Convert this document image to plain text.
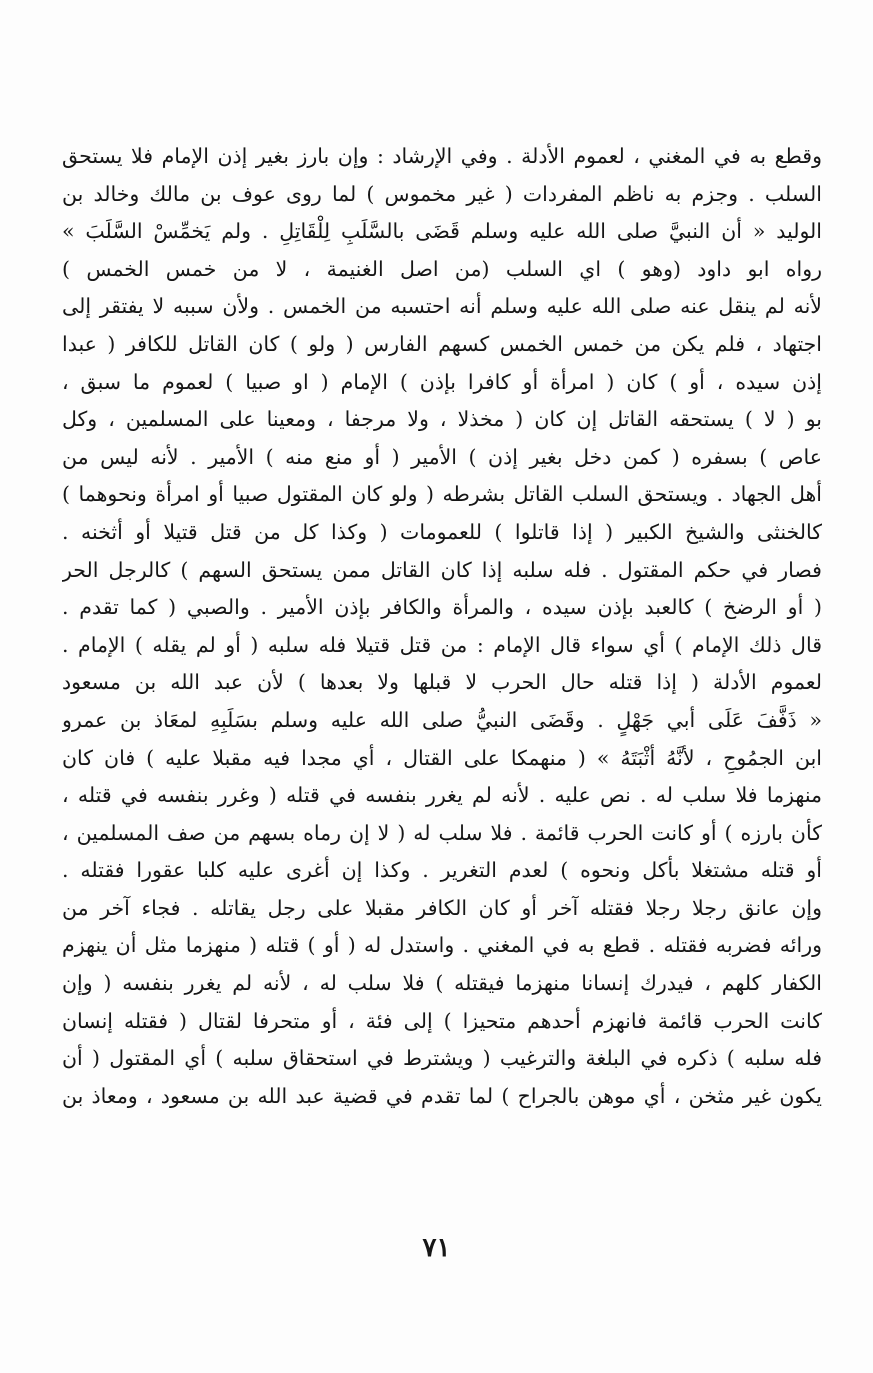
وقطع به في المغني ، لعموم الأدلة . وفي الإرشاد : وإن بارز بغير إذن الإمام فلا يستحق
السلب . وجزم به ناظم المفردات ( غير مخموس ) لما روى عوف بن مالك وخالد بن
الوليد « أن النبيَّ صلى الله عليه وسلم قَضَى بالسَّلَبِ لِلْقَاتِلِ . ولم يَخمِّسْ السَّلَبَ »
رواه ابو داود (وهو ) اي السلب (من اصل الغنيمة ، لا من خمس الخمس )
لأنه لم ينقل عنه صلى الله عليه وسلم أنه احتسبه من الخمس . ولأن سببه لا يفتقر إلى
اجتهاد ، فلم يكن من خمس الخمس كسهم الفارس ( ولو ) كان القاتل للكافر ( عبدا
إذن سيده ، أو ) كان ( امرأة أو كافرا بإذن ) الإمام ( او صبيا ) لعموم ما سبق ،
بو ( لا ) يستحقه القاتل إن كان ( مخذلا ، ولا مرجفا ، ومعينا على المسلمين ، وكل
عاص ) بسفره ( كمن دخل بغير إذن ) الأمير ( أو منع منه ) الأمير . لأنه ليس من
أهل الجهاد . ويستحق السلب القاتل بشرطه ( ولو كان المقتول صبيا أو امرأة ونحوهما )
كالخنثى والشيخ الكبير ( إذا قاتلوا ) للعمومات ( وكذا كل من قتل قتيلا أو أثخنه .
فصار في حكم المقتول . فله سلبه إذا كان القاتل ممن يستحق السهم ) كالرجل الحر
( أو الرضخ ) كالعبد بإذن سيده ، والمرأة والكافر بإذن الأمير . والصبي ( كما تقدم .
قال ذلك الإمام ) أي سواء قال الإمام : من قتل قتيلا فله سلبه ( أو لم يقله ) الإمام .
لعموم الأدلة ( إذا قتله حال الحرب لا قبلها ولا بعدها ) لأن عبد الله بن مسعود
« ذَفَّفَ عَلَى أبي جَهْلٍ . وقَضَى النبيُّ صلى الله عليه وسلم بسَلَبِهِ لمعَاذ بن عمرو
ابن الجمُوحِ ، لأنَّهُ أثْبَتَهُ » ( منهمكا على القتال ، أي مجدا فيه مقبلا عليه ) فان كان
منهزما فلا سلب له . نص عليه . لأنه لم يغرر بنفسه في قتله ( وغرر بنفسه في قتله ،
كأن بارزه ) أو كانت الحرب قائمة . فلا سلب له ( لا إن رماه بسهم من صف المسلمين ،
أو قتله مشتغلا بأكل ونحوه ) لعدم التغرير . وكذا إن أغرى عليه كلبا عقورا فقتله .
وإن عانق رجلا رجلا فقتله آخر أو كان الكافر مقبلا على رجل يقاتله . فجاء آخر من
ورائه فضربه فقتله . قطع به في المغني . واستدل له ( أو ) قتله ( منهزما مثل أن ينهزم
الكفار كلهم ، فيدرك إنسانا منهزما فيقتله ) فلا سلب له ، لأنه لم يغرر بنفسه ( وإن
كانت الحرب قائمة فانهزم أحدهم متحيزا ) إلى فئة ، أو متحرفا لقتال ( فقتله إنسان
فله سلبه ) ذكره في البلغة والترغيب ( ويشترط في استحقاق سلبه ) أي المقتول ( أن
يكون غير مثخن ، أي موهن بالجراح ) لما تقدم في قضية عبد الله بن مسعود ، ومعاذ بن
٧١
